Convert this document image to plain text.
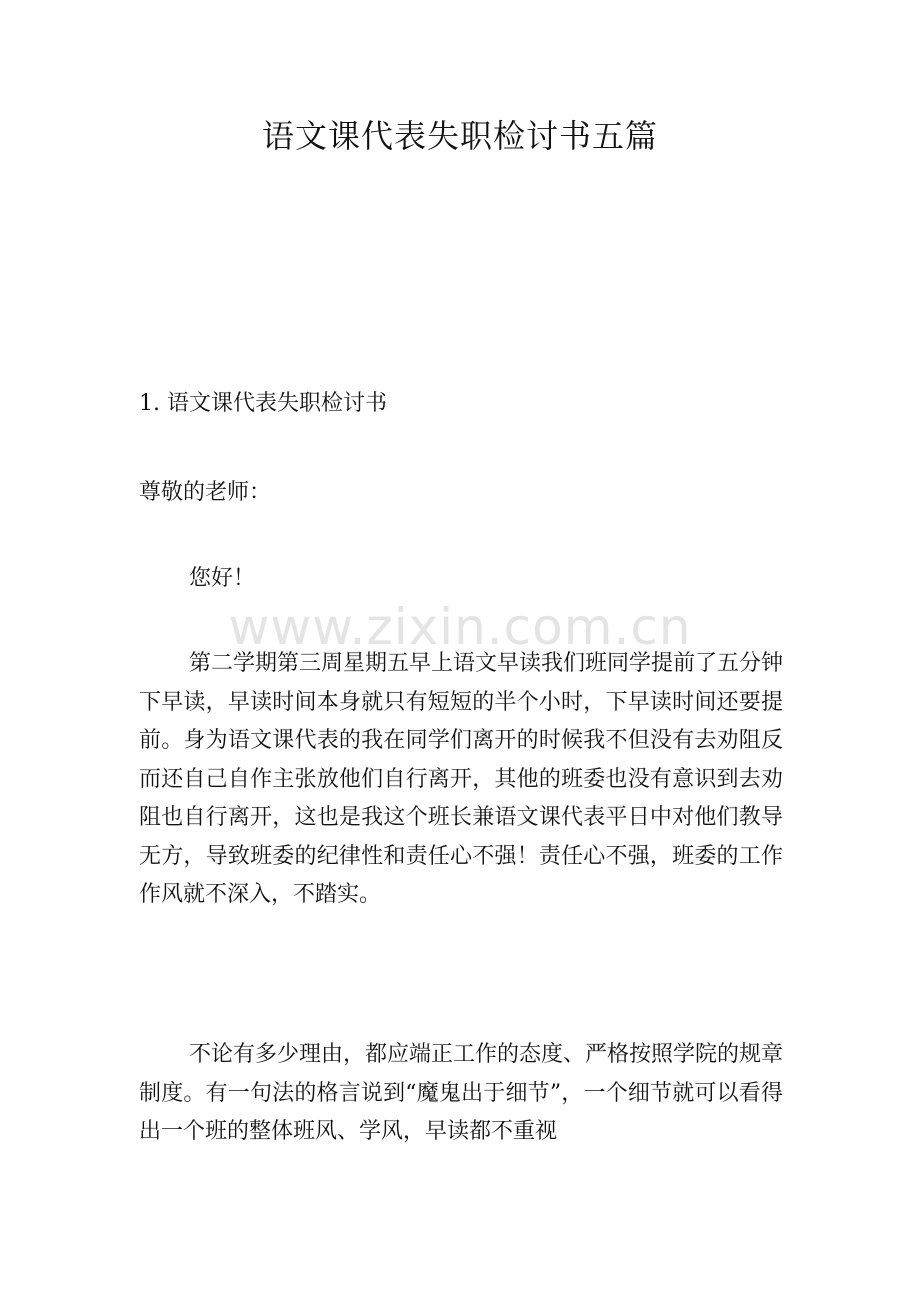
www.zixin.com.cn
语文课代表失职检讨书五篇

1. 语文课代表失职检讨书

尊敬的老师：

您好！

第二学期第三周星期五早上语文早读我们班同学提前了五分钟下早读，早读时间本身就只有短短的半个小时，下早读时间还要提前。身为语文课代表的我在同学们离开的时候我不但没有去劝阻反而还自己自作主张放他们自行离开，其他的班委也没有意识到去劝阻也自行离开，这也是我这个班长兼语文课代表平日中对他们教导无方，导致班委的纪律性和责任心不强！责任心不强，班委的工作作风就不深入，不踏实。

不论有多少理由，都应端正工作的态度、严格按照学院的规章制度。有一句法的格言说到“魔鬼出于细节”，一个细节就可以看得出一个班的整体班风、学风，早读都不重视
